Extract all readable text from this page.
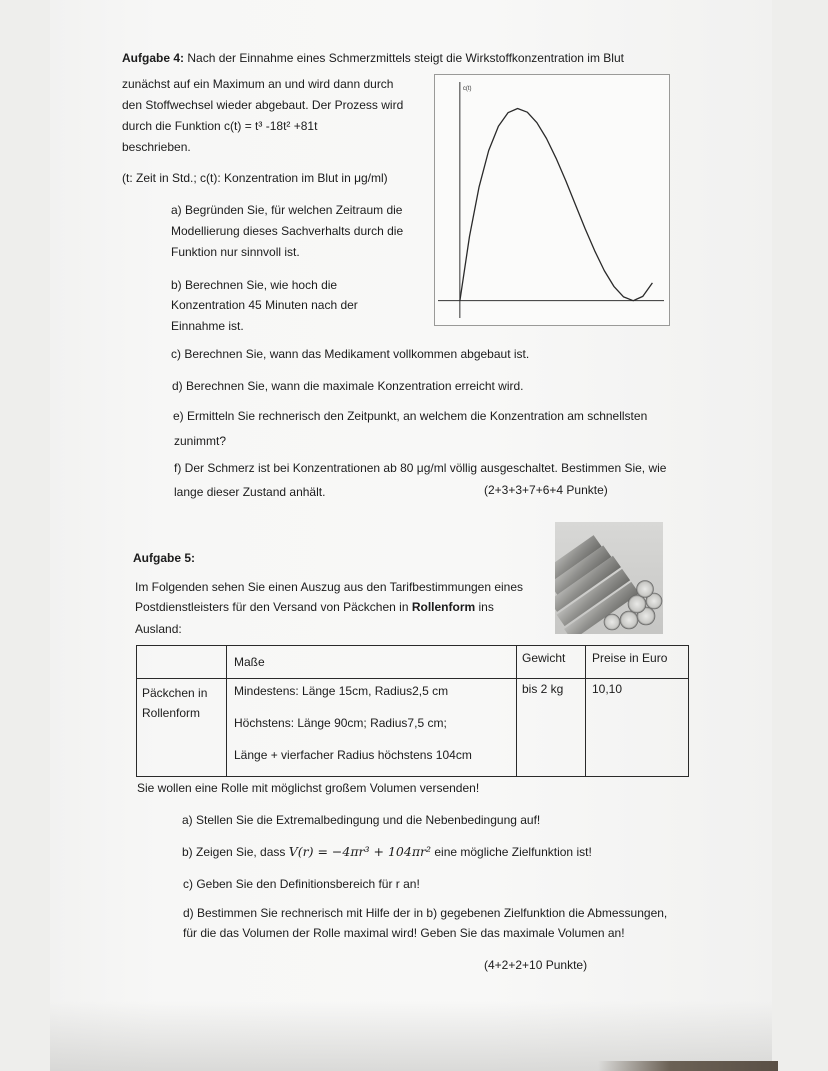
Aufgabe 4: Nach der Einnahme eines Schmerzmittels steigt die Wirkstoffkonzentration im Blut
zunächst auf ein Maximum an und wird dann durch
den Stoffwechsel wieder abgebaut. Der Prozess wird
durch die Funktion c(t) = t³ -18t² +81t
beschrieben.
(t: Zeit in Std.; c(t): Konzentration im Blut in μg/ml)
a) Begründen Sie, für welchen Zeitraum die
Modellierung dieses Sachverhalts durch die
Funktion nur sinnvoll ist.
b) Berechnen Sie, wie hoch die
Konzentration 45 Minuten nach der
Einnahme ist.
c) Berechnen Sie, wann das Medikament vollkommen abgebaut ist.
d) Berechnen Sie, wann die maximale Konzentration erreicht wird.
e) Ermitteln Sie rechnerisch den Zeitpunkt, an welchem die Konzentration am schnellsten
zunimmt?
f) Der Schmerz ist bei Konzentrationen ab 80 μg/ml völlig ausgeschaltet. Bestimmen Sie, wie
lange dieser Zustand anhält.	(2+3+3+7+6+4 Punkte)
c(t)
Aufgabe 5:
Im Folgenden sehen Sie einen Auszug aus den Tarifbestimmungen eines
Postdienstleisters für den Versand von Päckchen in Rollenform ins
Ausland:
Maße	Gewicht Preise in Euro
Päckchen in
Rollenform
Mindestens: Länge 15cm, Radius2,5 cm
Höchstens: Länge 90cm; Radius7,5 cm;
Länge + vierfacher Radius höchstens 104cm
bis 2 kg 10,10
Sie wollen eine Rolle mit möglichst großem Volumen versenden!
a) Stellen Sie die Extremalbedingung und die Nebenbedingung auf!
b) Zeigen Sie, dass V(r) = −4πr³ + 104πr² eine mögliche Zielfunktion ist!
c) Geben Sie den Definitionsbereich für r an!
d) Bestimmen Sie rechnerisch mit Hilfe der in b) gegebenen Zielfunktion die Abmessungen,
für die das Volumen der Rolle maximal wird! Geben Sie das maximale Volumen an!
(4+2+2+10 Punkte)
